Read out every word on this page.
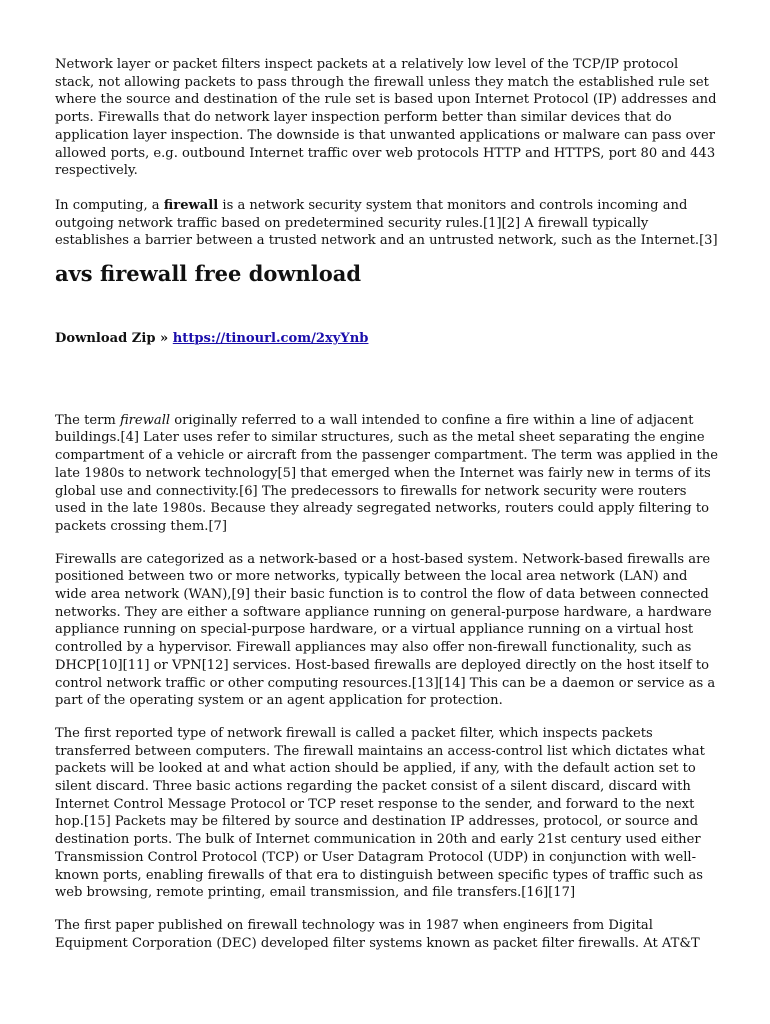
Network layer or packet filters inspect packets at a relatively low level of the TCP/IP protocol stack, not allowing packets to pass through the firewall unless they match the established rule set where the source and destination of the rule set is based upon Internet Protocol (IP) addresses and ports. Firewalls that do network layer inspection perform better than similar devices that do application layer inspection. The downside is that unwanted applications or malware can pass over allowed ports, e.g. outbound Internet traffic over web protocols HTTP and HTTPS, port 80 and 443 respectively.

In computing, a firewall is a network security system that monitors and controls incoming and outgoing network traffic based on predetermined security rules.[1][2] A firewall typically establishes a barrier between a trusted network and an untrusted network, such as the Internet.[3]

avs firewall free download

Download Zip » https://tinourl.com/2xyYnb

The term firewall originally referred to a wall intended to confine a fire within a line of adjacent buildings.[4] Later uses refer to similar structures, such as the metal sheet separating the engine compartment of a vehicle or aircraft from the passenger compartment. The term was applied in the late 1980s to network technology[5] that emerged when the Internet was fairly new in terms of its global use and connectivity.[6] The predecessors to firewalls for network security were routers used in the late 1980s. Because they already segregated networks, routers could apply filtering to packets crossing them.[7]

Firewalls are categorized as a network-based or a host-based system. Network-based firewalls are positioned between two or more networks, typically between the local area network (LAN) and wide area network (WAN),[9] their basic function is to control the flow of data between connected networks. They are either a software appliance running on general-purpose hardware, a hardware appliance running on special-purpose hardware, or a virtual appliance running on a virtual host controlled by a hypervisor. Firewall appliances may also offer non-firewall functionality, such as DHCP[10][11] or VPN[12] services. Host-based firewalls are deployed directly on the host itself to control network traffic or other computing resources.[13][14] This can be a daemon or service as a part of the operating system or an agent application for protection.

The first reported type of network firewall is called a packet filter, which inspects packets transferred between computers. The firewall maintains an access-control list which dictates what packets will be looked at and what action should be applied, if any, with the default action set to silent discard. Three basic actions regarding the packet consist of a silent discard, discard with Internet Control Message Protocol or TCP reset response to the sender, and forward to the next hop.[15] Packets may be filtered by source and destination IP addresses, protocol, or source and destination ports. The bulk of Internet communication in 20th and early 21st century used either Transmission Control Protocol (TCP) or User Datagram Protocol (UDP) in conjunction with well-known ports, enabling firewalls of that era to distinguish between specific types of traffic such as web browsing, remote printing, email transmission, and file transfers.[16][17]

The first paper published on firewall technology was in 1987 when engineers from Digital Equipment Corporation (DEC) developed filter systems known as packet filter firewalls. At AT&T
